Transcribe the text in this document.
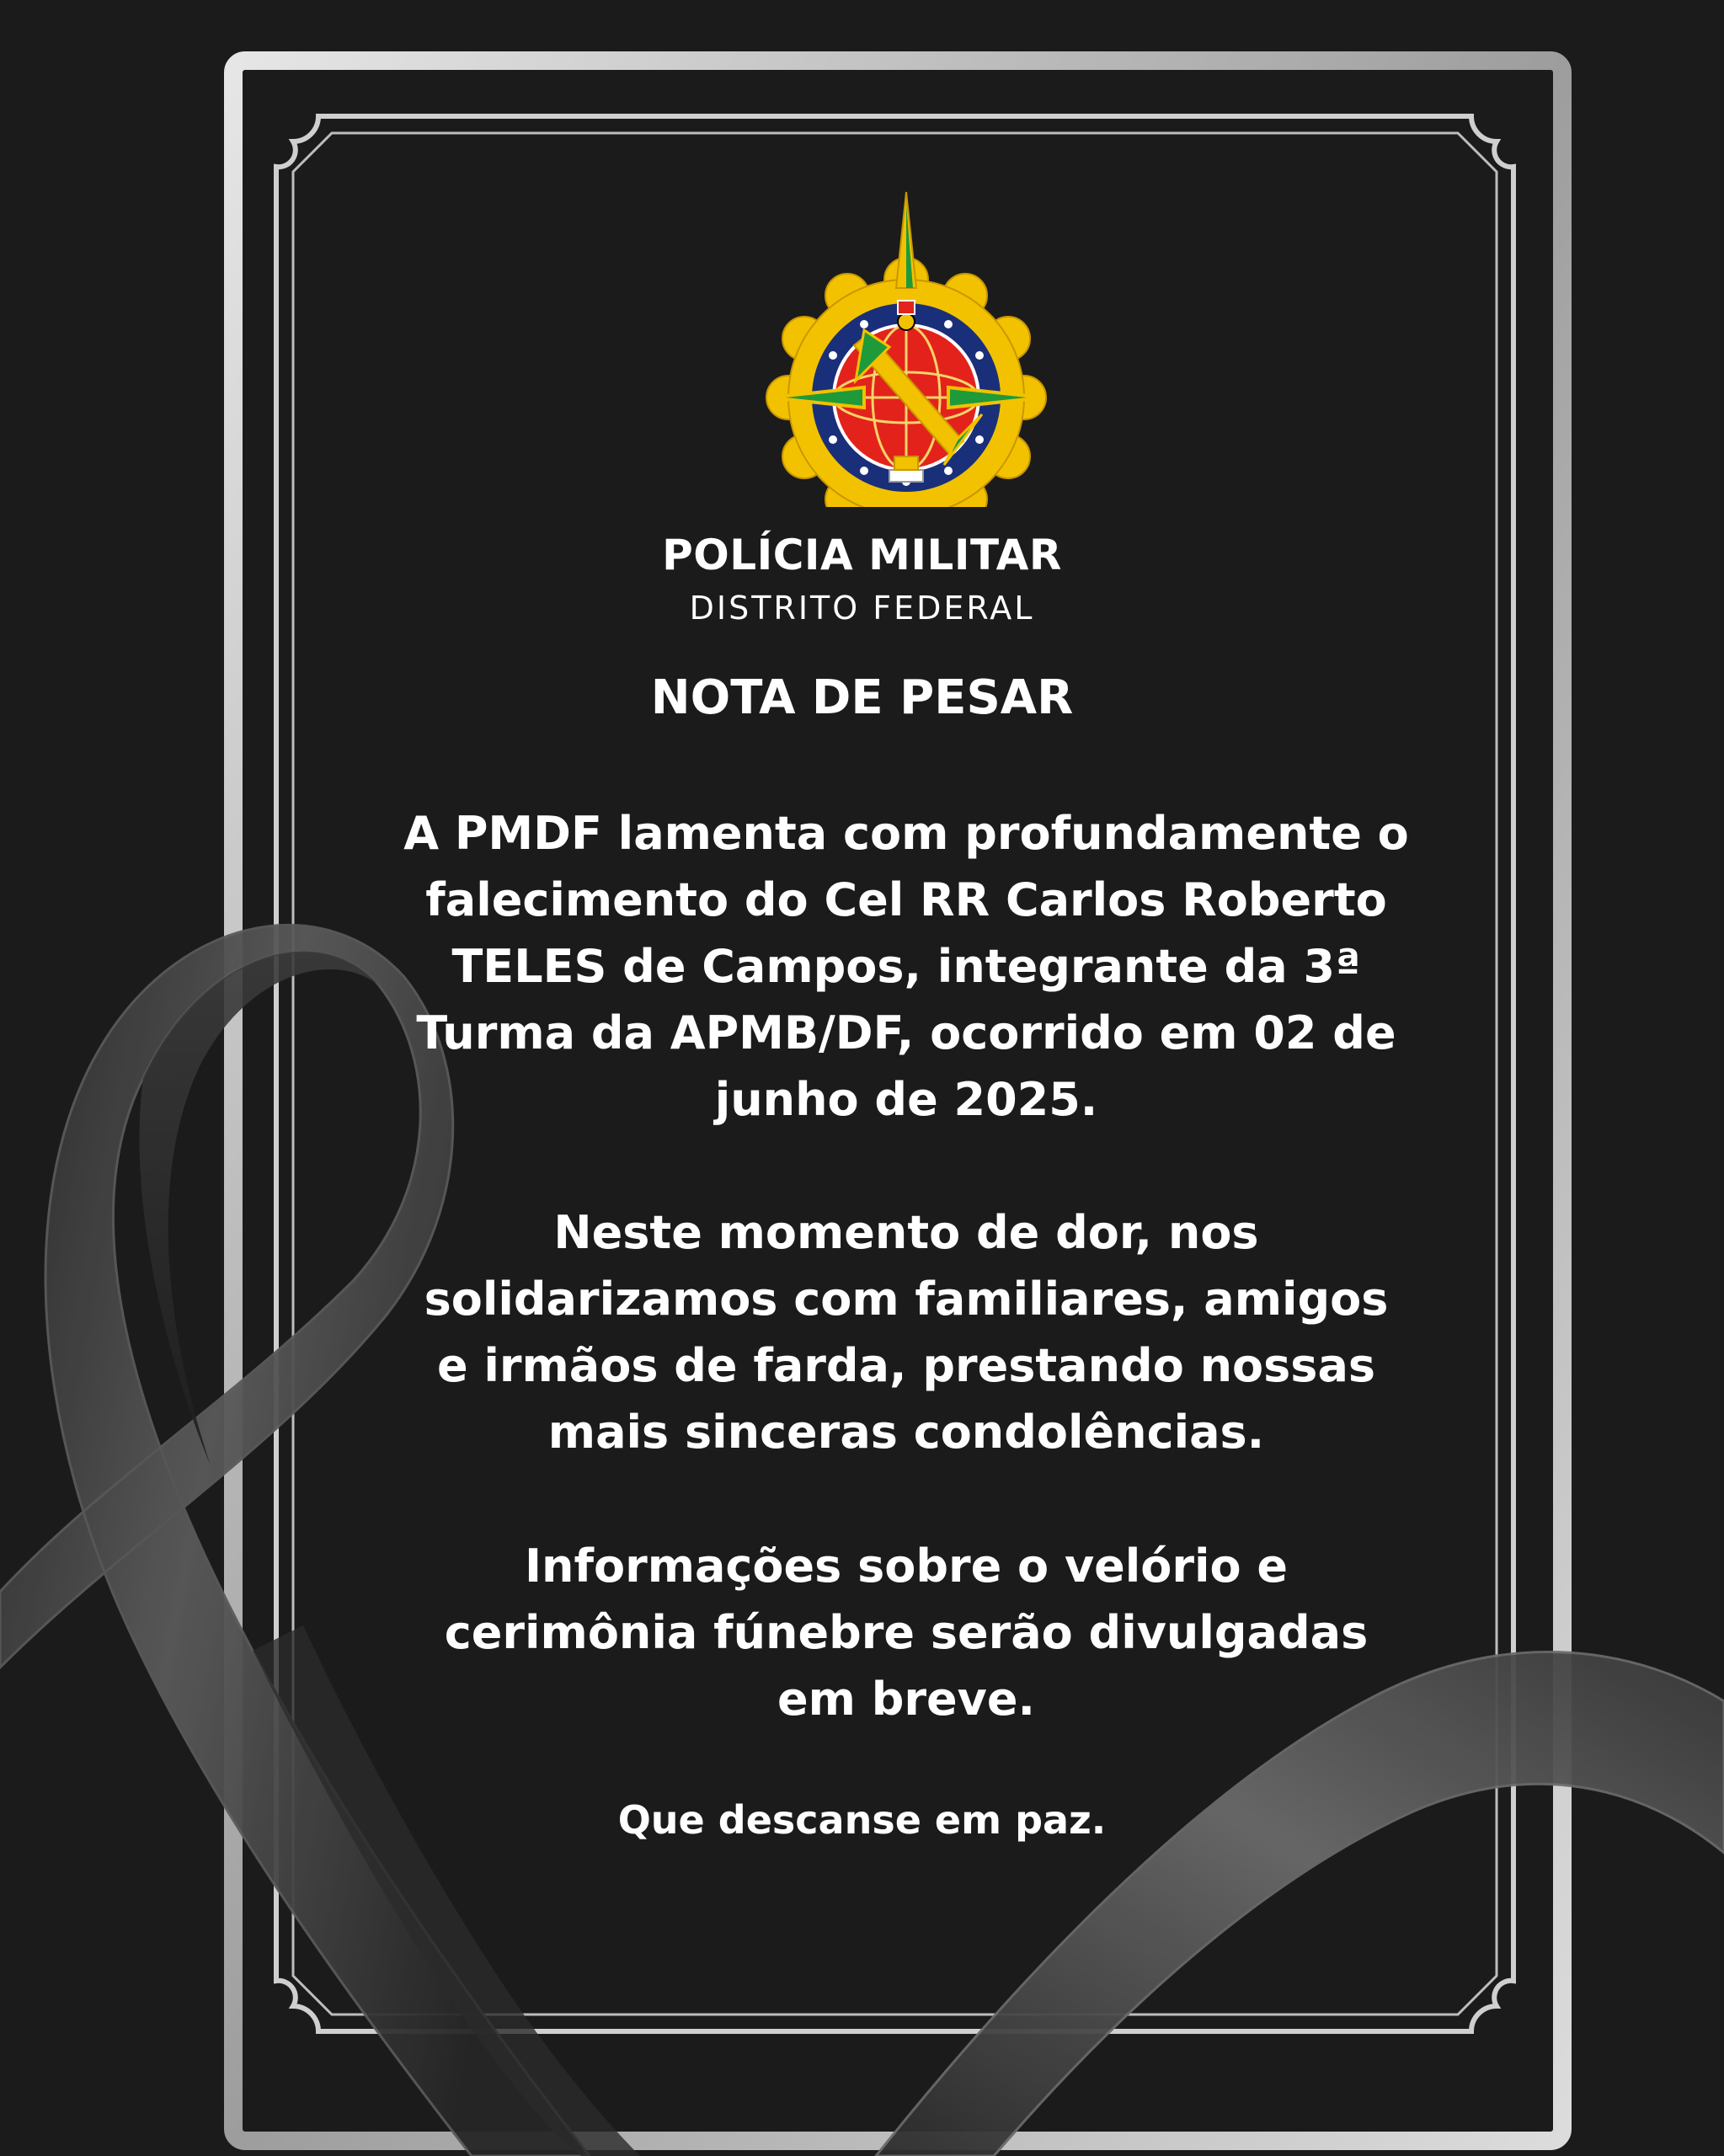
POLÍCIA MILITAR
DISTRITO FEDERAL
NOTA DE PESAR
A PMDF lamenta com profundamente o falecimento do Cel RR Carlos Roberto TELES de Campos, integrante da 3ª Turma da APMB/DF, ocorrido em 02 de junho de 2025.
Neste momento de dor, nos solidarizamos com familiares, amigos e irmãos de farda, prestando nossas mais sinceras condolências.
Informações sobre o velório e cerimônia fúnebre serão divulgadas em breve.
Que descanse em paz.
